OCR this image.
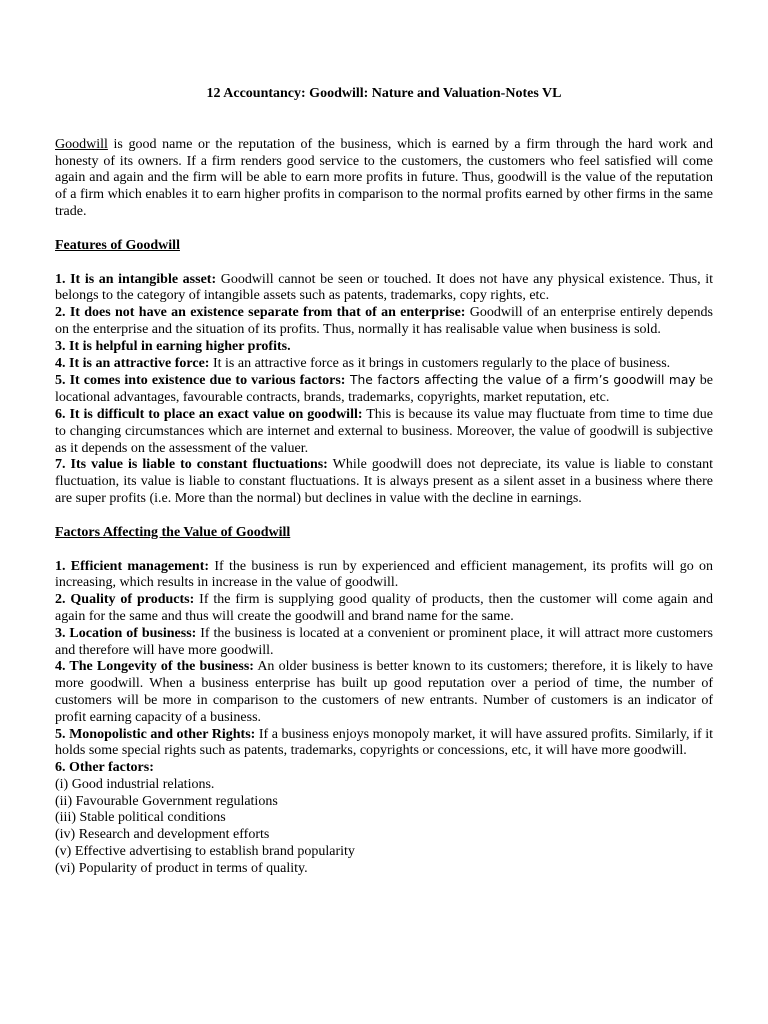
12 Accountancy: Goodwill: Nature and Valuation-Notes VL

Goodwill is good name or the reputation of the business, which is earned by a firm through the hard work and honesty of its owners. If a firm renders good service to the customers, the customers who feel satisfied will come again and again and the firm will be able to earn more profits in future. Thus, goodwill is the value of the reputation of a firm which enables it to earn higher profits in comparison to the normal profits earned by other firms in the same trade.

Features of Goodwill

1. It is an intangible asset: Goodwill cannot be seen or touched. It does not have any physical existence. Thus, it belongs to the category of intangible assets such as patents, trademarks, copy rights, etc.

2. It does not have an existence separate from that of an enterprise: Goodwill of an enterprise entirely depends on the enterprise and the situation of its profits. Thus, normally it has realisable value when business is sold.

3. It is helpful in earning higher profits.

4. It is an attractive force: It is an attractive force as it brings in customers regularly to the place of business.

5. It comes into existence due to various factors: The factors affecting the value of a firm’s goodwill may be locational advantages, favourable contracts, brands, trademarks, copyrights, market reputation, etc.

6. It is difficult to place an exact value on goodwill: This is because its value may fluctuate from time to time due to changing circumstances which are internet and external to business. Moreover, the value of goodwill is subjective as it depends on the assessment of the valuer.

7. Its value is liable to constant fluctuations: While goodwill does not depreciate, its value is liable to constant fluctuation, its value is liable to constant fluctuations. It is always present as a silent asset in a business where there are super profits (i.e. More than the normal) but declines in value with the decline in earnings.

Factors Affecting the Value of Goodwill

1. Efficient management: If the business is run by experienced and efficient management, its profits will go on increasing, which results in increase in the value of goodwill.

2. Quality of products: If the firm is supplying good quality of products, then the customer will come again and again for the same and thus will create the goodwill and brand name for the same.

3. Location of business: If the business is located at a convenient or prominent place, it will attract more customers and therefore will have more goodwill.

4. The Longevity of the business: An older business is better known to its customers; therefore, it is likely to have more goodwill. When a business enterprise has built up good reputation over a period of time, the number of customers will be more in comparison to the customers of new entrants. Number of customers is an indicator of profit earning capacity of a business.

5. Monopolistic and other Rights: If a business enjoys monopoly market, it will have assured profits. Similarly, if it holds some special rights such as patents, trademarks, copyrights or concessions, etc, it will have more goodwill.

6. Other factors:

(i) Good industrial relations.

(ii) Favourable Government regulations

(iii) Stable political conditions

(iv) Research and development efforts

(v) Effective advertising to establish brand popularity

(vi) Popularity of product in terms of quality.
